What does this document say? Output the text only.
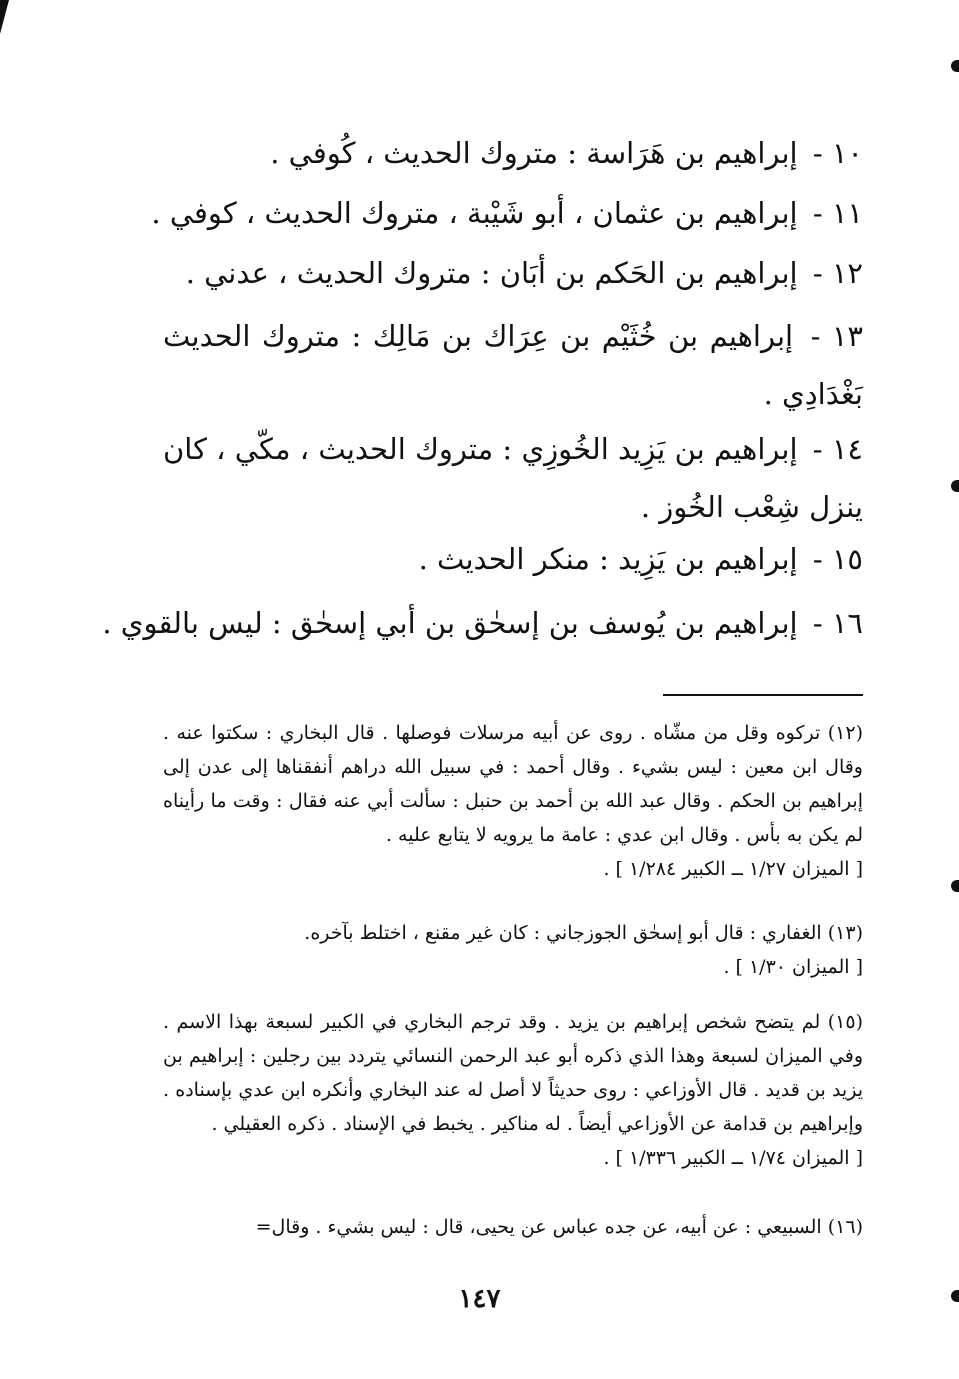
١٠ - إبراهيم بن هَرَاسة : متروك الحديث ، كُوفي .

١١ - إبراهيم بن عثمان ، أبو شَيْبة ، متروك الحديث ، كوفي .

١٢ - إبراهيم بن الحَكم بن أبَان : متروك الحديث ، عدني .

١٣ - إبراهيم بن خُثَيْم بن عِرَاك بن مَالِك : متروك الحديث بَغْدَادِي .

١٤ - إبراهيم بن يَزِيد الخُوزِي : متروك الحديث ، مكّي ، كان ينزل شِعْب الخُوز .

١٥ - إبراهيم بن يَزِيد : منكر الحديث .

١٦ - إبراهيم بن يُوسف بن إسحٰق بن أبي إسحٰق : ليس بالقوي .

(١٢) تركوه وقل من مشّاه . روى عن أبيه مرسلات فوصلها . قال البخاري : سكتوا عنه . وقال ابن معين : ليس بشيء . وقال أحمد : في سبيل الله دراهم أنفقناها إلى عدن إلى إبراهيم بن الحكم . وقال عبد الله بن أحمد بن حنبل : سألت أبي عنه فقال : وقت ما رأيناه لم يكن به بأس . وقال ابن عدي : عامة ما يرويه لا يتابع عليه .
[ الميزان ١/٢٧ ــ الكبير ١/٢٨٤ ] .
(١٣) الغفاري : قال أبو إسحٰق الجوزجاني : كان غير مقنع ، اختلط بآخره.
[ الميزان ١/٣٠ ] .
(١٥) لم يتضح شخص إبراهيم بن يزيد . وقد ترجم البخاري في الكبير لسبعة بهذا الاسم . وفي الميزان لسبعة وهذا الذي ذكره أبو عبد الرحمن النسائي يتردد بين رجلين : إبراهيم بن يزيد بن قديد . قال الأوزاعي : روى حديثاً لا أصل له عند البخاري وأنكره ابن عدي بإسناده . وإبراهيم بن قدامة عن الأوزاعي أيضاً . له مناكير . يخبط في الإسناد . ذكره العقيلي .
[ الميزان ١/٧٤ ــ الكبير ١/٣٣٦ ] .
(١٦) السبيعي : عن أبيه، عن جده عباس عن يحيى، قال : ليس بشيء . وقال=
١٤٧
